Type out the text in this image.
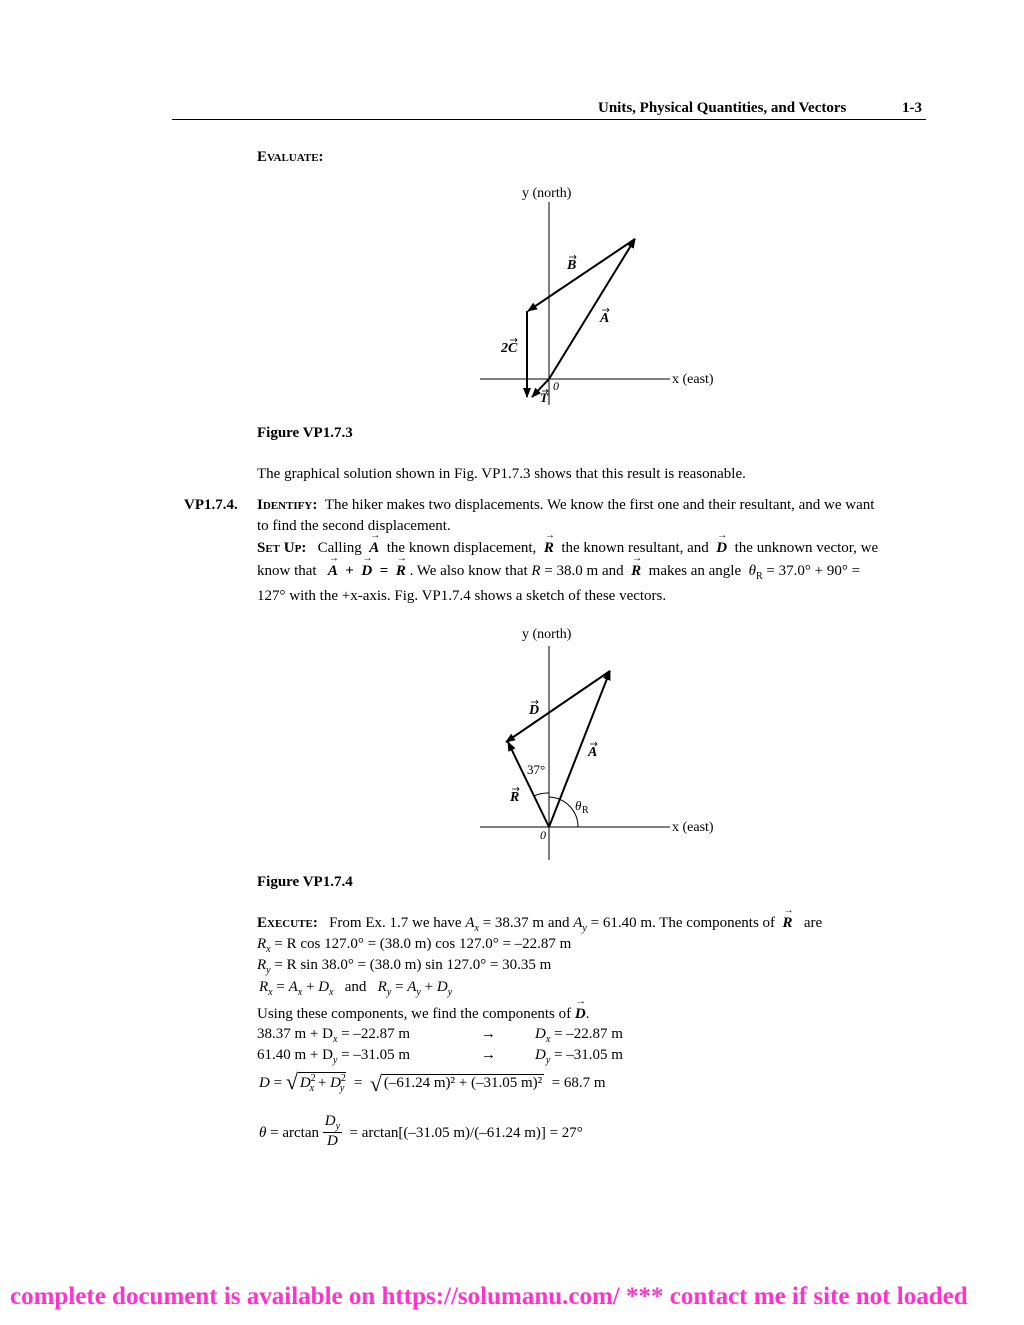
Units, Physical Quantities, and Vectors	1-3
Evaluate:
y (north)
x (east)
0
B
A
2C
T
Figure VP1.7.3
The graphical solution shown in Fig. VP1.7.3 shows that this result is reasonable.
VP1.7.4. Identify: The hiker makes two displacements. We know the first one and their resultant, and we want
to find the second displacement.
Set Up: Calling → A the known displacement, → R the known resultant, and → D the unknown vector, we
know that → A + → D = → R . We also know that R = 38.0 m and → R makes an angle $\theta_R = 37.0^\circ + 90^\circ$ =
127° with the +x-axis. Fig. VP1.7.4 shows a sketch of these vectors.
y (north)
x (east)
0
D
A
R
37°
θ R
Figure VP1.7.4
Execute: From Ex. 1.7 we have $A_x = 38.37$ m and $A_y = 61.40$ m. The components of → R are
$R_x = R$ cos 127.0° = (38.0 m) cos 127.0° = –22.87 m
$R_y = R$ sin 38.0° = (38.0 m) sin 127.0° = 30.35 m
$R_x = A_x + D_x$ and $R_y = A_y + D_y$
Using these components, we find the components of → D.
38.37 $m + D_x = -22.87$ m	→	$D_x = -22.87$ m
61.40 $m + D_y = -31.05$ m	→	$D_y = -31.05$ m
D = √ $D^2_x + D^2_y$  = √ (–61.24 m)² + (–31.05 m)² = 68.7 m
$\theta = \arctan \frac{D_y}{D} = \arctan[(-31.05$ m)/(–61.24 m)] = 27°
complete document is available on https://solumanu.com/ *** contact me if site not loaded
